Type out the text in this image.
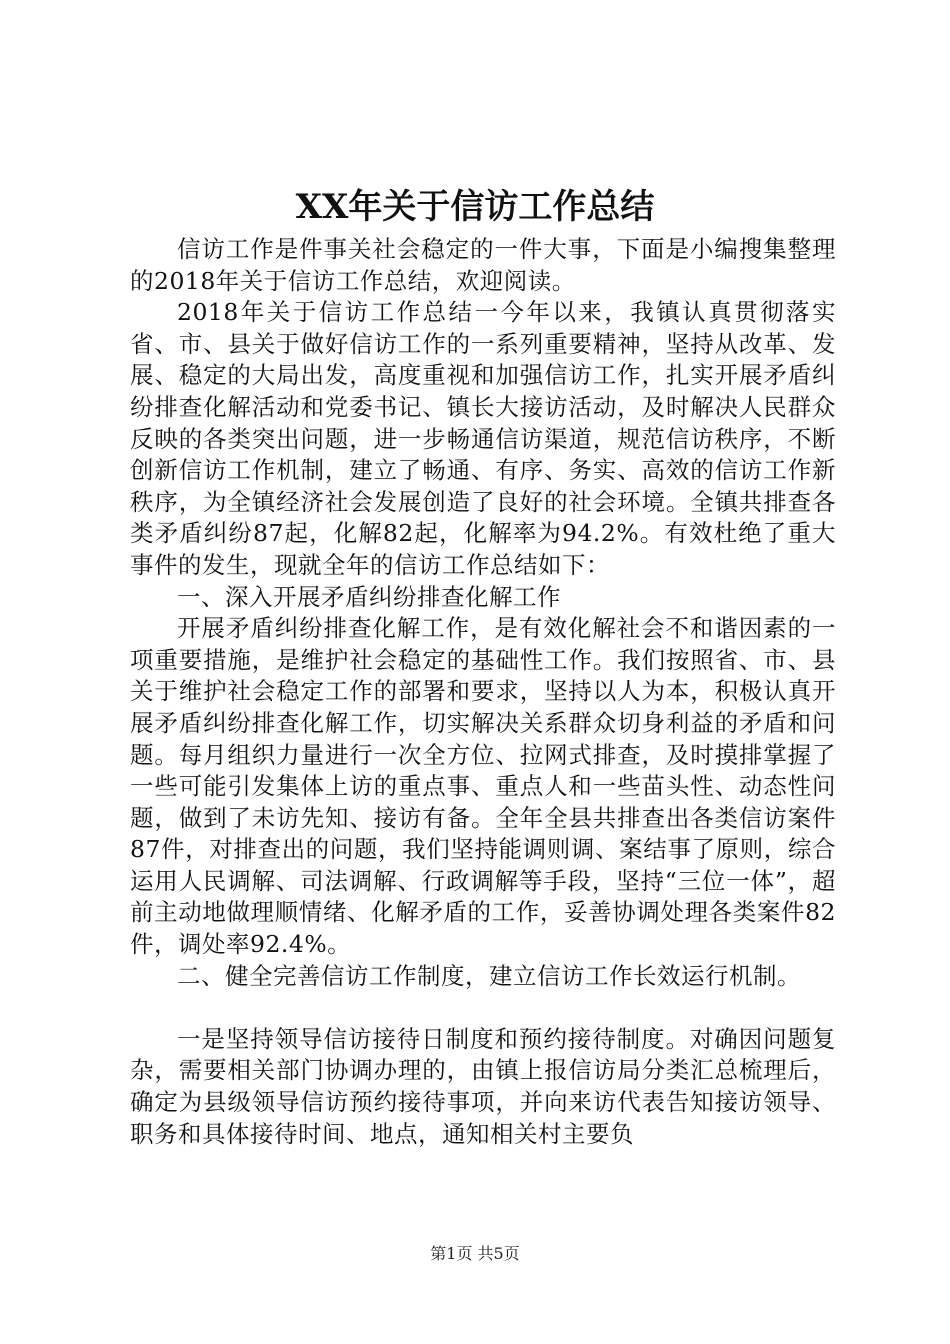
XX年关于信访工作总结

信访工作是件事关社会稳定的一件大事，下面是小编搜集整理的2018年关于信访工作总结，欢迎阅读。

2018年关于信访工作总结一今年以来，我镇认真贯彻落实省、市、县关于做好信访工作的一系列重要精神，坚持从改革、发展、稳定的大局出发，高度重视和加强信访工作，扎实开展矛盾纠纷排查化解活动和党委书记、镇长大接访活动，及时解决人民群众反映的各类突出问题，进一步畅通信访渠道，规范信访秩序，不断创新信访工作机制，建立了畅通、有序、务实、高效的信访工作新秩序，为全镇经济社会发展创造了良好的社会环境。全镇共排查各类矛盾纠纷87起，化解82起，化解率为94.2%。有效杜绝了重大事件的发生，现就全年的信访工作总结如下：

一、深入开展矛盾纠纷排查化解工作

开展矛盾纠纷排查化解工作，是有效化解社会不和谐因素的一项重要措施，是维护社会稳定的基础性工作。我们按照省、市、县关于维护社会稳定工作的部署和要求，坚持以人为本，积极认真开展矛盾纠纷排查化解工作，切实解决关系群众切身利益的矛盾和问题。每月组织力量进行一次全方位、拉网式排查，及时摸排掌握了一些可能引发集体上访的重点事、重点人和一些苗头性、动态性问题，做到了未访先知、接访有备。全年全县共排查出各类信访案件87件，对排查出的问题，我们坚持能调则调、案结事了原则，综合运用人民调解、司法调解、行政调解等手段，坚持“三位一体”，超前主动地做理顺情绪、化解矛盾的工作，妥善协调处理各类案件82件，调处率92.4%。

二、健全完善信访工作制度，建立信访工作长效运行机制。

一是坚持领导信访接待日制度和预约接待制度。对确因问题复杂，需要相关部门协调办理的，由镇上报信访局分类汇总梳理后，确定为县级领导信访预约接待事项，并向来访代表告知接访领导、职务和具体接待时间、地点，通知相关村主要负

第1页 共5页
